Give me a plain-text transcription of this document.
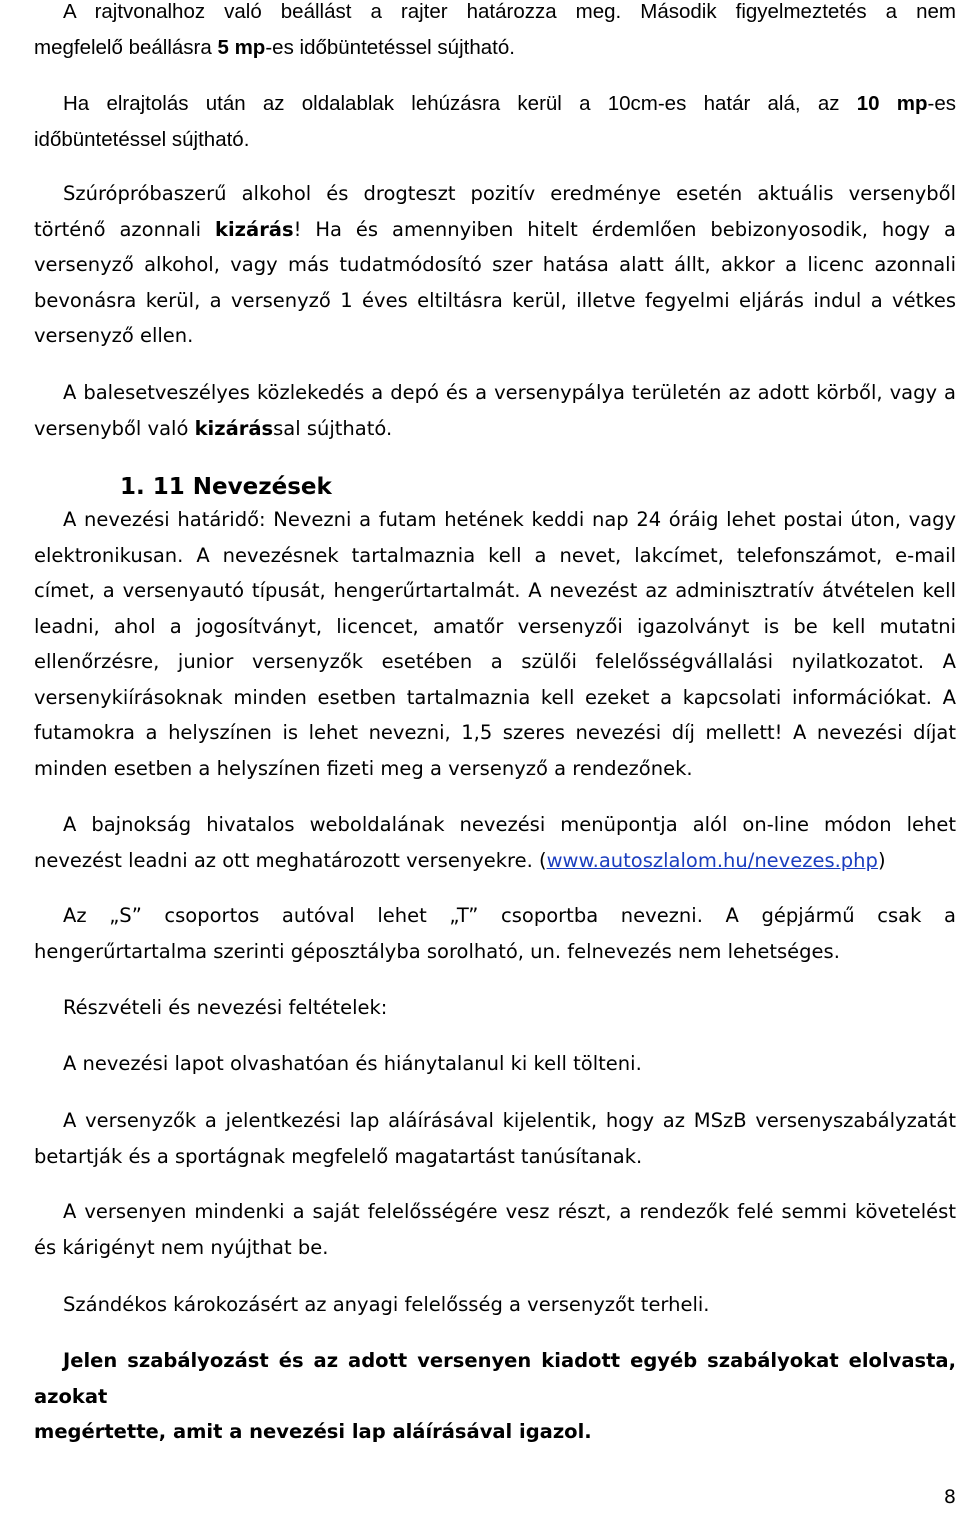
A rajtvonalhoz való beállást a rajter határozza meg. Második figyelmeztetés a nem
megfelelő beállásra 5 mp-es időbüntetéssel sújtható.
Ha elrajtolás után az oldalablak lehúzásra kerül a 10cm-es határ alá, az 10 mp-es
időbüntetéssel súјtható.
Szúrópróbaszerű alkohol és drogteszt pozitív eredménye esetén aktuális versenyből
történő azonnali kizárás! Ha és amennyiben hitelt érdemlően bebizonyosodik, hogy a
versenyző alkohol, vagy más tudatmódosító szer hatása alatt állt, akkor a licenc azonnali
bevonásra kerül, a versenyző 1 éves eltiltásra kerül, illetve fegyelmi eljárás indul a vétkes
versenyző ellen.
A balesetveszélyes közlekedés a depó és a versenypálya területén az adott körből, vagy a
versenyből való kizárással sújtható.
1. 11 Nevezések
A nevezési határidő: Nevezni a futam hetének keddi nap 24 óráig lehet postai úton, vagy
elektronikusan. A nevezésnek tartalmaznia kell a nevet, lakcímet, telefonszámot, e-mail
címet, a versenyautó típusát, hengerűrtartalmát. A nevezést az adminisztratív átvételen kell
leadni, ahol a jogosítványt, licencet, amatőr versenyzői igazolványt is be kell mutatni
ellenőrzésre, junior versenyzők esetében a szülői felelősségvállalási nyilatkozatot. A
versenykiírásoknak minden esetben tartalmaznia kell ezeket a kapcsolati információkat. A
futamokra a helyszínen is lehet nevezni, 1,5 szeres nevezési díj mellett! A nevezési díjat
minden esetben a helyszínen fizeti meg a versenyző a rendezőnek.
A bajnokság hivatalos weboldalának nevezési menüpontja alól on-line módon lehet
nevezést leadni az ott meghatározott versenyekre. (www.autoszlalom.hu/nevezes.php)
Az „S” csoportos autóval lehet „T” csoportba nevezni. A gépjármű csak a
hengerűrtartalma szerinti géposztályba sorolható, un. felnevezés nem lehetséges.
Részvételi és nevezési feltételek:
A nevezési lapot olvashatóan és hiánytalanul ki kell tölteni.
A versenyzők a jelentkezési lap aláírásával kijelentik, hogy az MSzB versenyszabályzatát
betartják és a sportágnak megfelelő magatartást tanúsítanak.
A versenyen mindenki a saját felelősségére vesz részt, a rendezők felé semmi követelést
és kárigényt nem nyújthat be.
Szándékos károkozásért az anyagi felelősség a versenyzőt terheli.
Jelen szabályozást és az adott versenyen kiadott egyéb szabályokat elolvasta, azokat
megértette, amit a nevezési lap aláírásával igazol.
8
